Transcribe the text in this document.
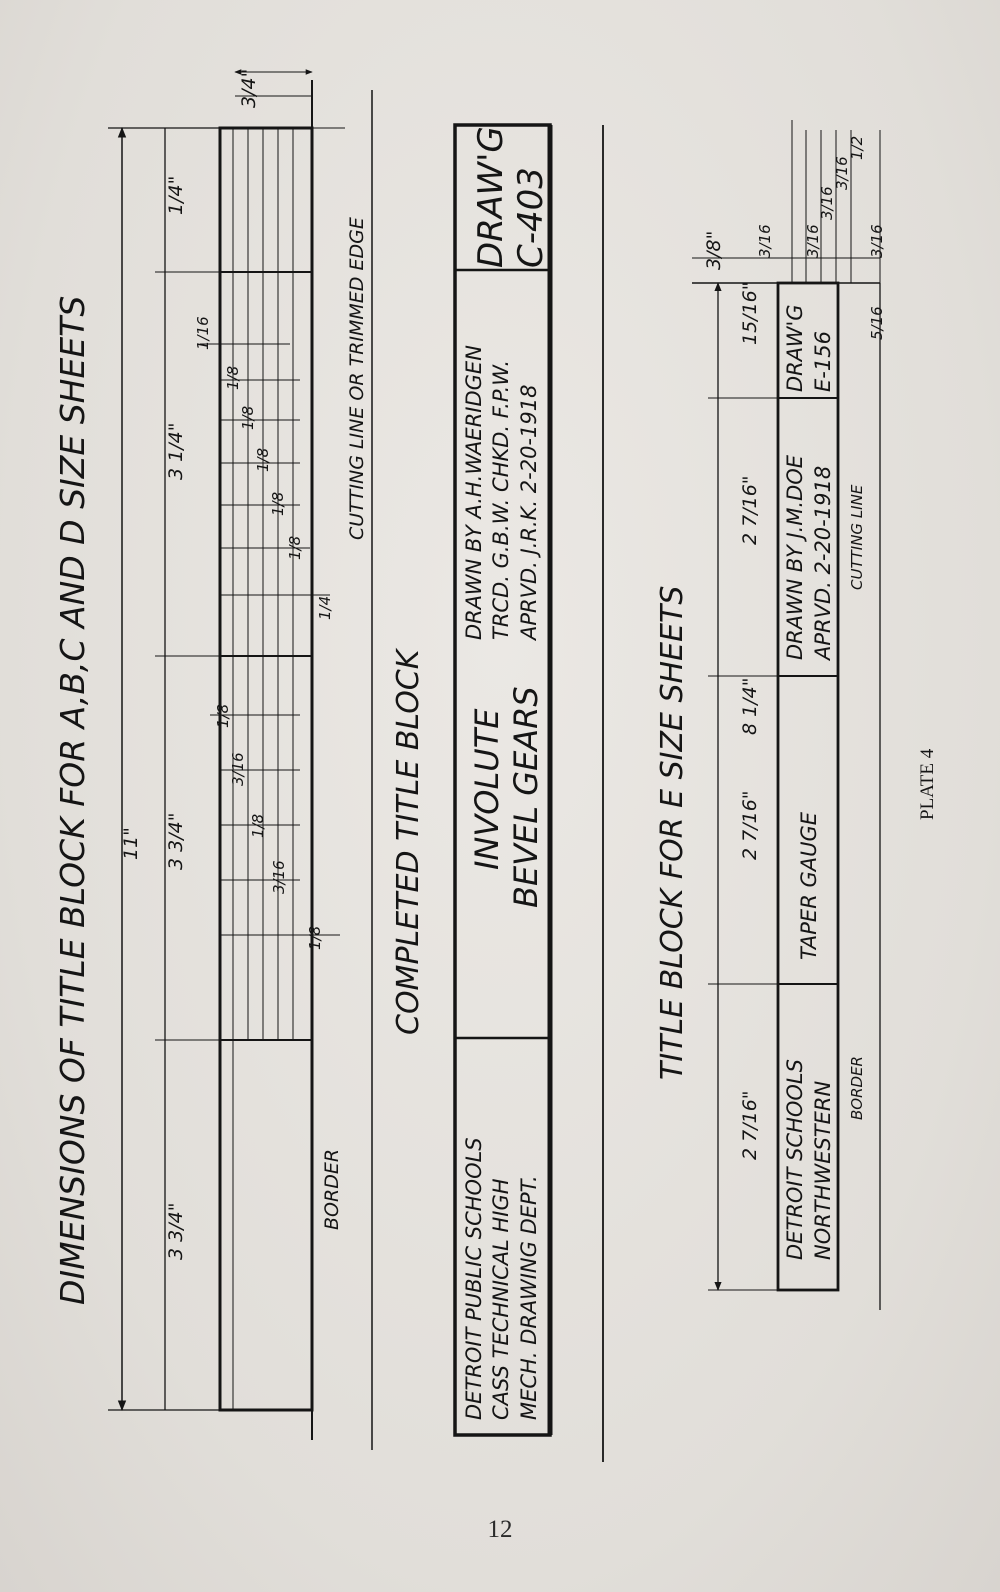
DIMENSIONS OF TITLE BLOCK FOR A,B,C AND D SIZE SHEETS 11"
1/4"
3 1/4"
3 3/4"
3 3/4"
1/16
1/8
1/8
1/8
1/8
1/8
1/4
1/8
3/16
1/8
3/16
1/8
3/4"
BORDER
CUTTING LINE OR TRIMMED EDGE
COMPLETED TITLE BLOCK
DETROIT PUBLIC SCHOOLS CASS TECHNICAL HIGH MECH. DRAWING DEPT.
INVOLUTE BEVEL GEARS
DRAWN BY A.H.WAERIDGEN TRCD. G.B.W. CHKD. F.P.W. APRVD. J.R.K. 2-20-1918
DRAW'G C-403
TITLE BLOCK FOR E SIZE SHEETS
2 7/16"
2 7/16"
8 1/4"
2 7/16"
15/16"
3/8" 3/16 3/16
3/16
3/16
1/2
3/16
5/16
DETROIT SCHOOLS NORTHWESTERN BORDER
TAPER GAUGE
DRAWN BY J.M.DOE APRVD. 2-20-1918 CUTTING LINE
DRAW'G E-156
PLATE 4
12
